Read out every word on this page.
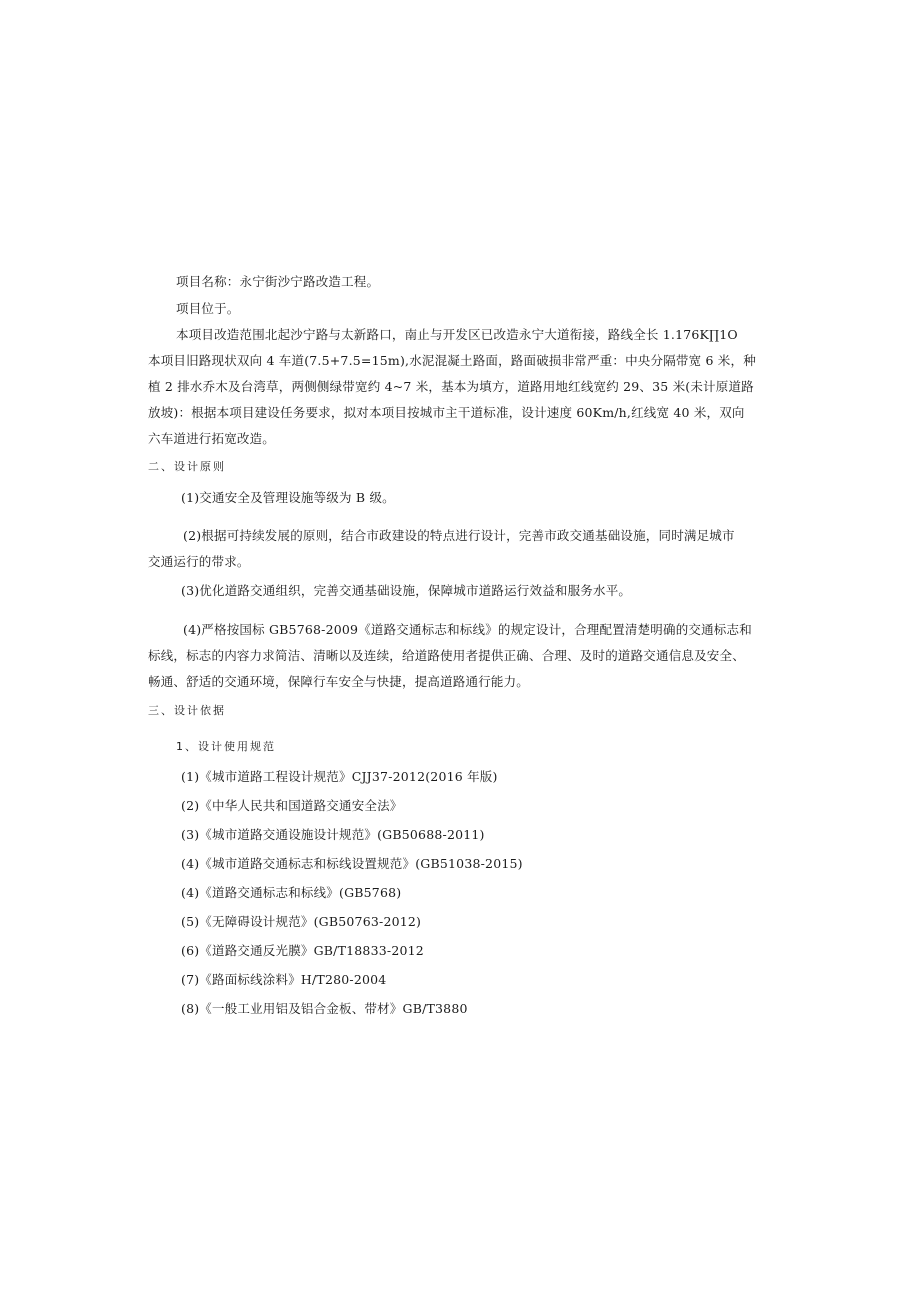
项目名称：永宁街沙宁路改造工程。
项目位于。
本项目改造范围北起沙宁路与太新路口，南止与开发区已改造永宁大道衔接，路线全长 1.176K∏1O
本项目旧路现状双向 4 车道(7.5+7.5=15m),水泥混凝土路面，路面破损非常严重：中央分隔带宽 6 米，种
植 2 排水乔木及台湾草，两侧侧绿带宽约 4~7 米，基本为填方，道路用地红线宽约 29、35 米(未计原道路
放坡)：根据本项目建设任务要求，拟对本项目按城市主干道标准，设计速度 60Km/h,红线宽 40 米，双向
六车道进行拓宽改造。
二、设计原则
(1)交通安全及管理设施等级为 B 级。
(2)根据可持续发展的原则，结合市政建设的特点进行设计，完善市政交通基础设施，同时满足城市
交通运行的带求。
(3)优化道路交通组织，完善交通基础设施，保障城市道路运行效益和服务水平。
(4)严格按国标 GB5768-2009《道路交通标志和标线》的规定设计，合理配置清楚明确的交通标志和
标线，标志的内容力求简洁、清晰以及连续，给道路使用者提供正确、合理、及时的道路交通信息及安全、
畅通、舒适的交通环境，保障行车安全与快捷，提高道路通行能力。
三、设计依据
1、设计使用规范
(1)《城市道路工程设计规范》CJJ37-2012(2016 年版)
(2)《中华人民共和国道路交通安全法》
(3)《城市道路交通设施设计规范》(GB50688-2011)
(4)《城市道路交通标志和标线设置规范》(GB51038-2015)
(4)《道路交通标志和标线》(GB5768)
(5)《无障碍设计规范》(GB50763-2012)
(6)《道路交通反光膜》GB/T18833-2012
(7)《路面标线涂料》H/T280-2004
(8)《一般工业用铝及铝合金板、带材》GB/T3880
